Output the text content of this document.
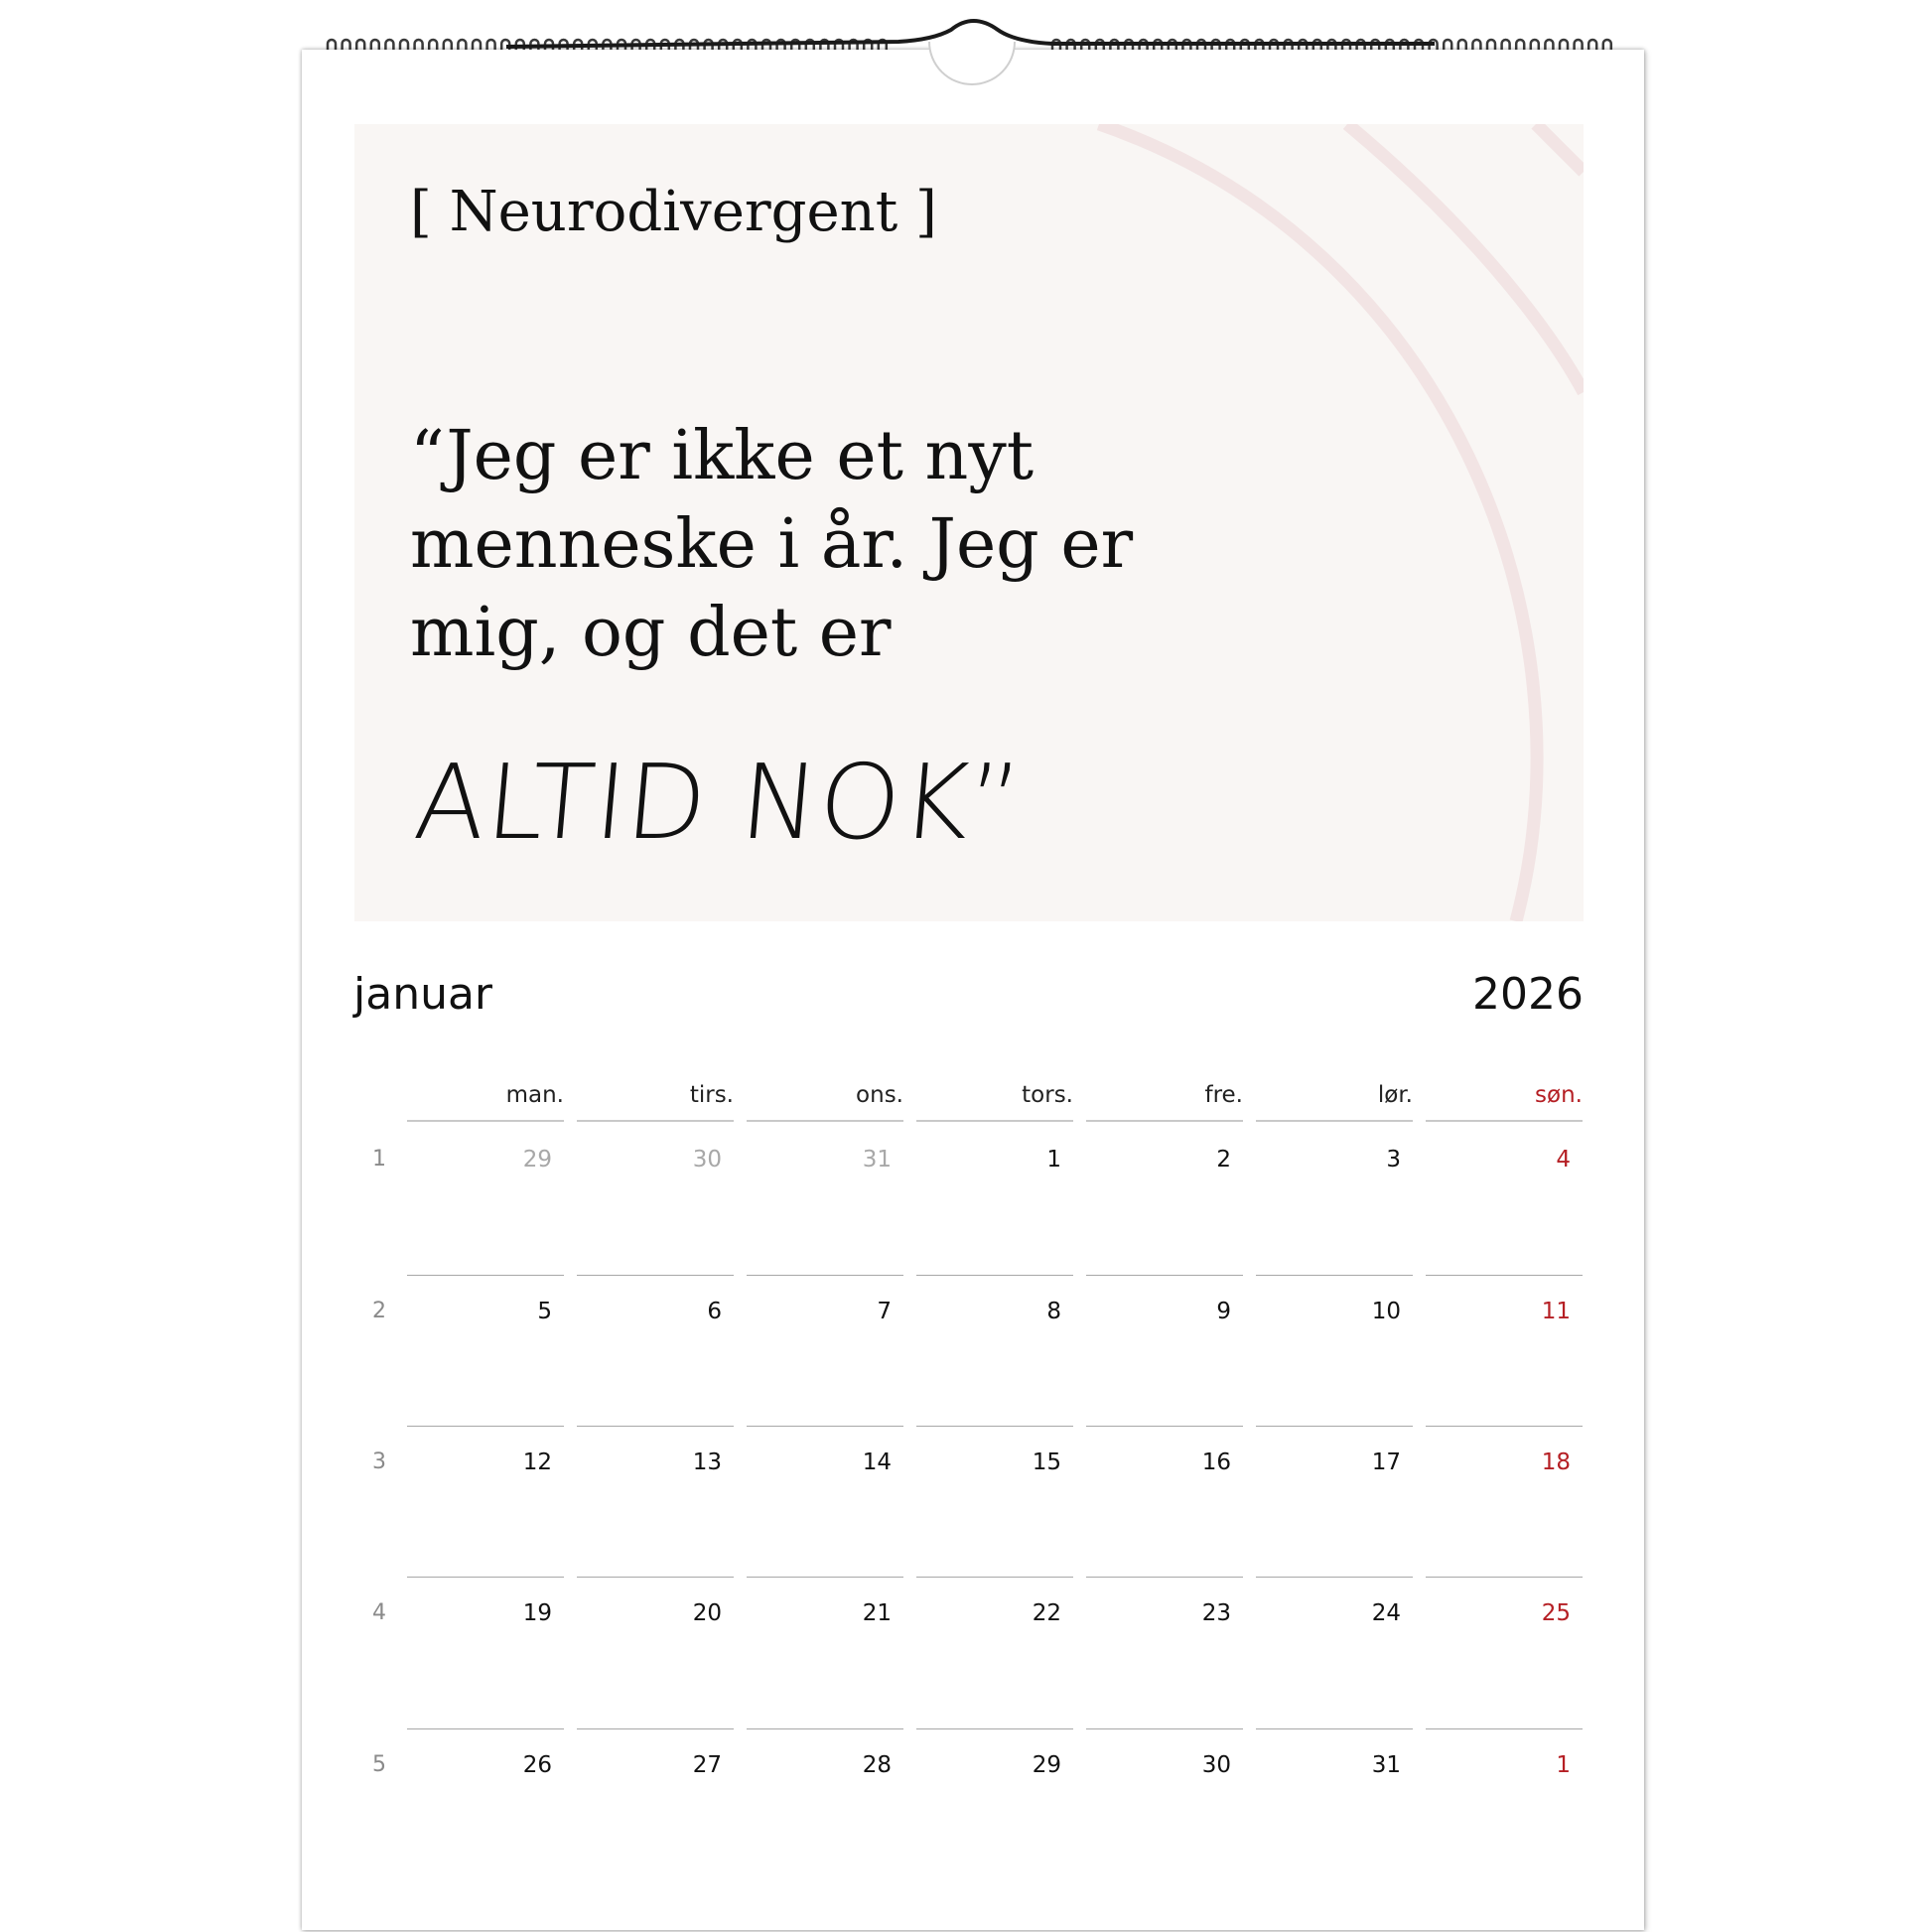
[ Neurodivergent ]

“Jeg er ikke et nyt menneske i år. Jeg er mig, og det er

ALTID NOK”

januar	2026
man.	tirs.	ons.	tors.	fre.	lør.	søn.
1	29	30	31	1	2	3	4
2	5	6	7	8	9	10	11
3	12	13	14	15	16	17	18
4	19	20	21	22	23	24	25
5	26	27	28	29	30	31	1
